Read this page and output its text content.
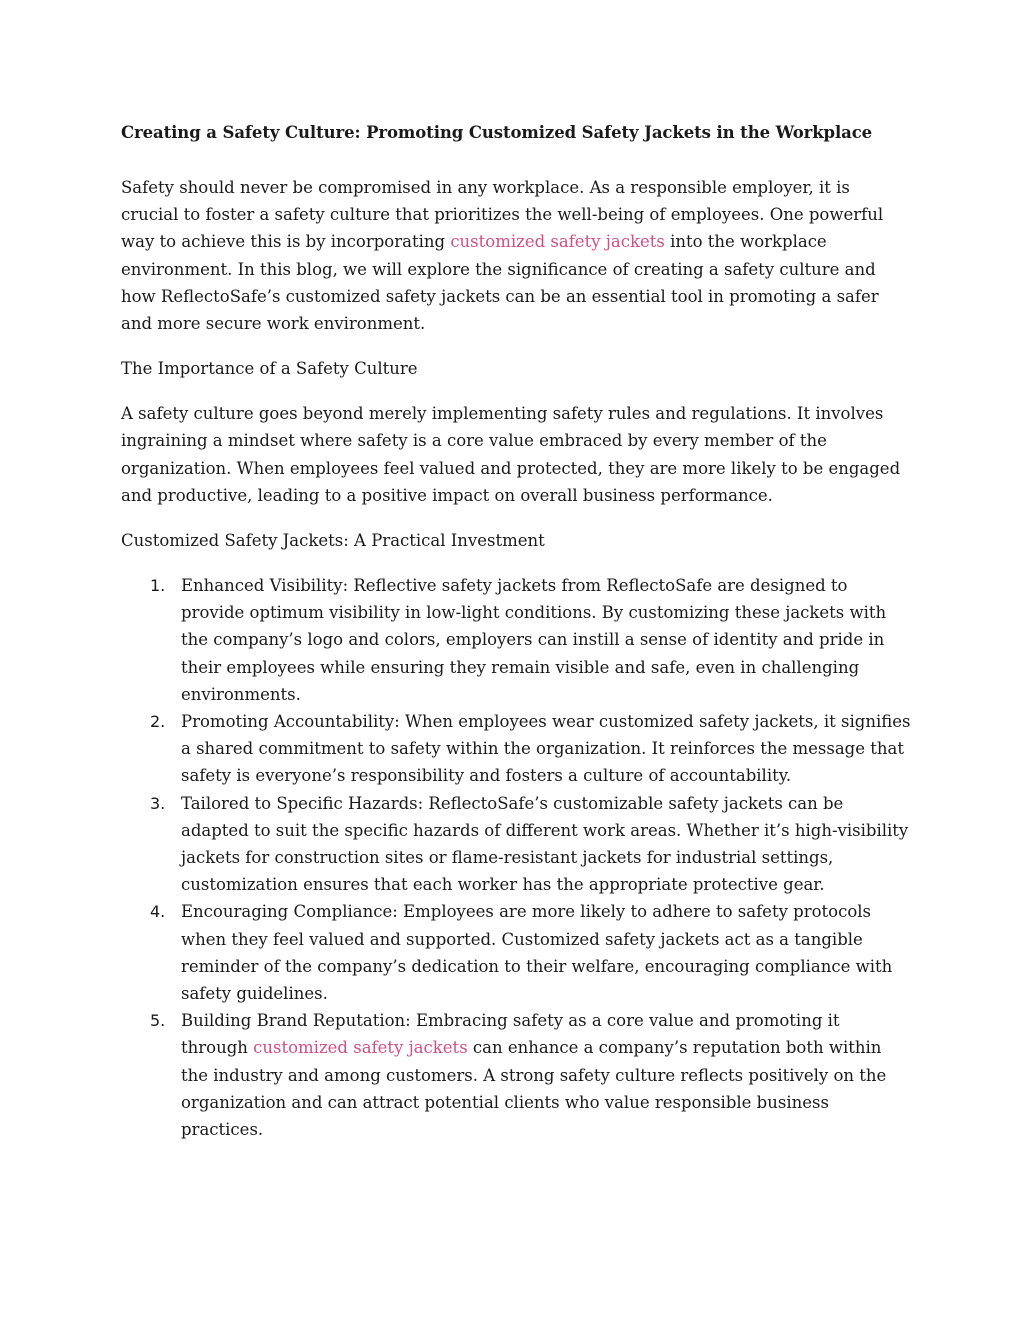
Creating a Safety Culture: Promoting Customized Safety Jackets in the Workplace

Safety should never be compromised in any workplace. As a responsible employer, it is crucial to foster a safety culture that prioritizes the well-being of employees. One powerful way to achieve this is by incorporating customized safety jackets into the workplace environment. In this blog, we will explore the significance of creating a safety culture and how ReflectoSafe’s customized safety jackets can be an essential tool in promoting a safer and more secure work environment.

The Importance of a Safety Culture

A safety culture goes beyond merely implementing safety rules and regulations. It involves ingraining a mindset where safety is a core value embraced by every member of the organization. When employees feel valued and protected, they are more likely to be engaged and productive, leading to a positive impact on overall business performance.

Customized Safety Jackets: A Practical Investment

1. Enhanced Visibility: Reflective safety jackets from ReflectoSafe are designed to provide optimum visibility in low-light conditions. By customizing these jackets with the company’s logo and colors, employers can instill a sense of identity and pride in their employees while ensuring they remain visible and safe, even in challenging environments.
2. Promoting Accountability: When employees wear customized safety jackets, it signifies a shared commitment to safety within the organization. It reinforces the message that safety is everyone’s responsibility and fosters a culture of accountability.
3. Tailored to Specific Hazards: ReflectoSafe’s customizable safety jackets can be adapted to suit the specific hazards of different work areas. Whether it’s high-visibility jackets for construction sites or flame-resistant jackets for industrial settings, customization ensures that each worker has the appropriate protective gear.
4. Encouraging Compliance: Employees are more likely to adhere to safety protocols when they feel valued and supported. Customized safety jackets act as a tangible reminder of the company’s dedication to their welfare, encouraging compliance with safety guidelines.
5. Building Brand Reputation: Embracing safety as a core value and promoting it through customized safety jackets can enhance a company’s reputation both within the industry and among customers. A strong safety culture reflects positively on the organization and can attract potential clients who value responsible business practices.
